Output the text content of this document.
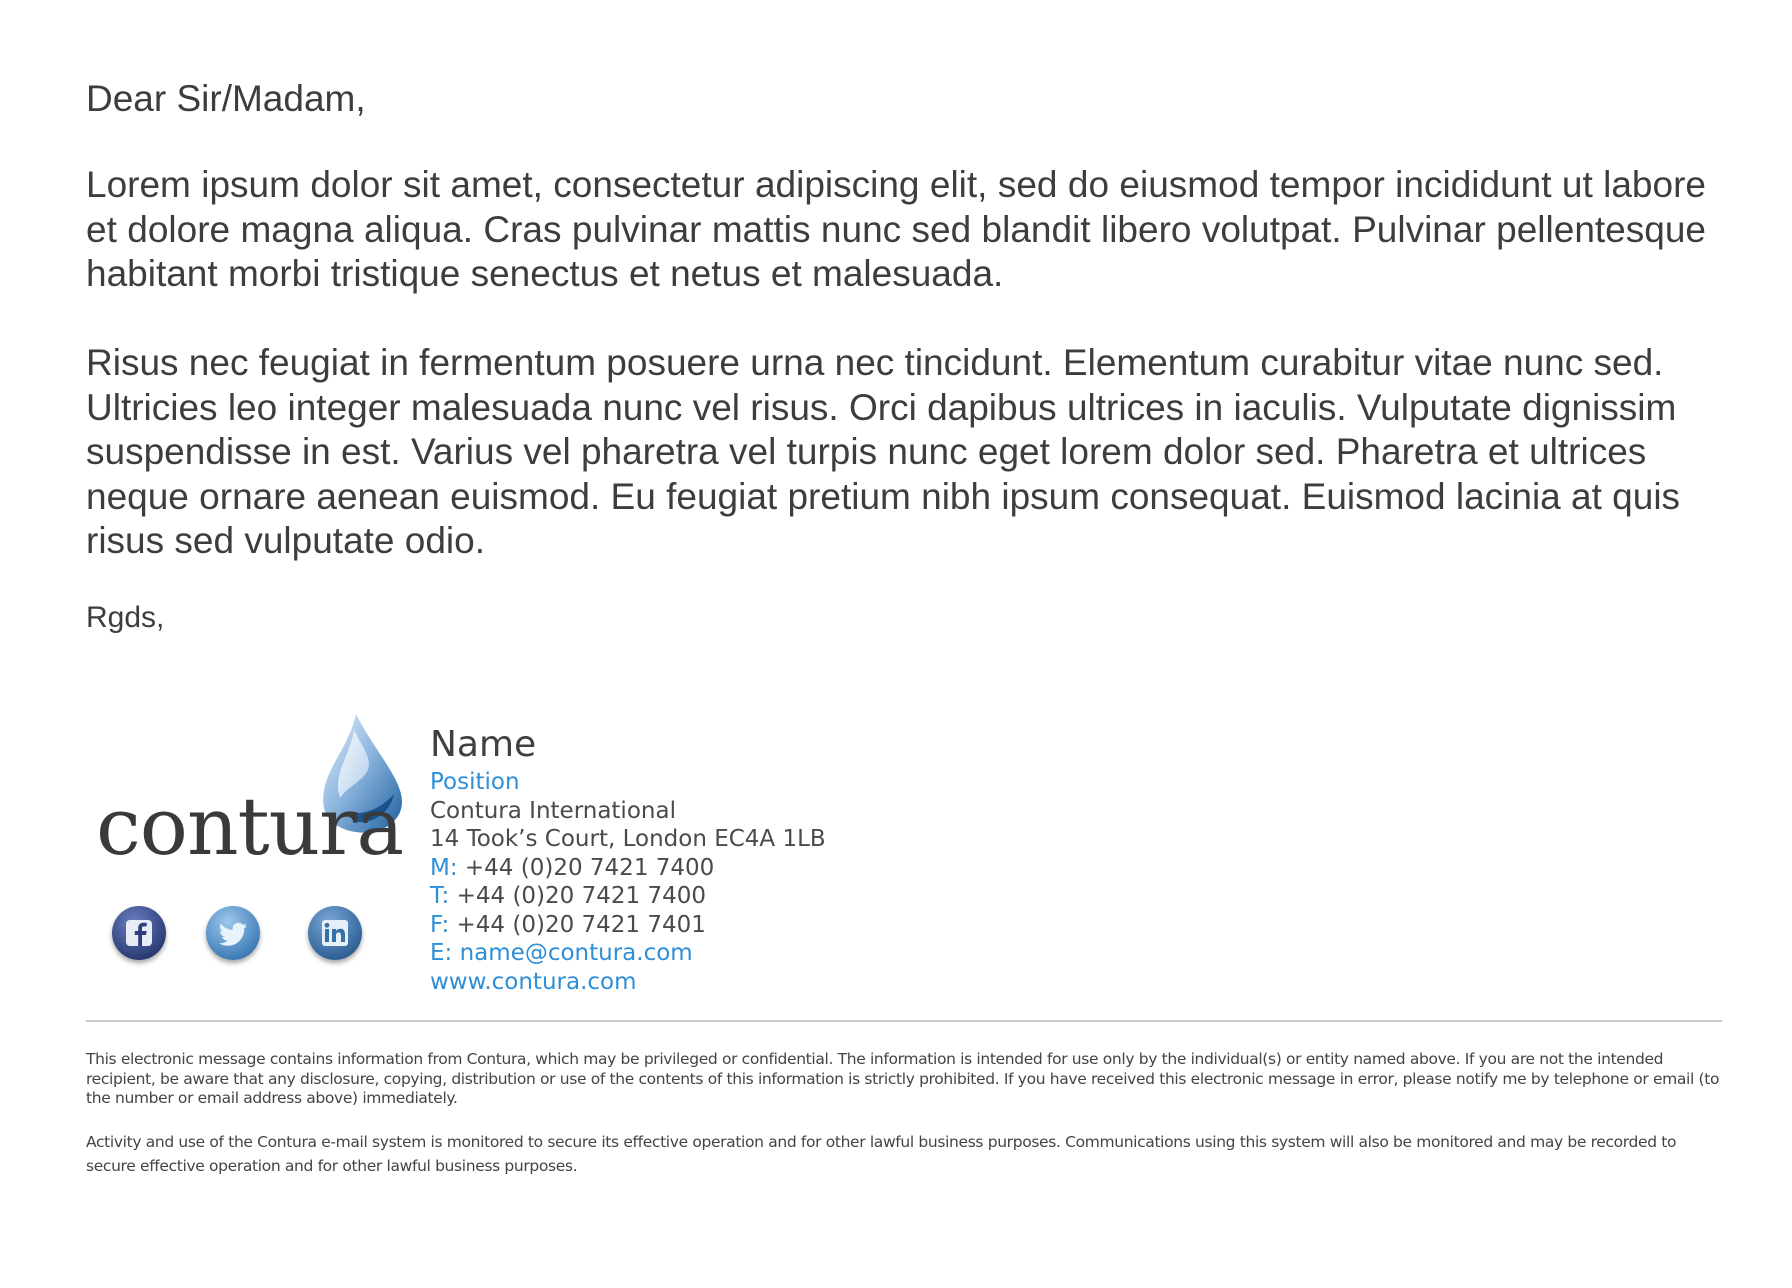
Dear Sir/Madam,
Lorem ipsum dolor sit amet, consectetur adipiscing elit, sed do eiusmod tempor incididunt ut labore et dolore magna aliqua. Cras pulvinar mattis nunc sed blandit libero volutpat. Pulvinar pellentesque habitant morbi tristique senectus et netus et malesuada.
Risus nec feugiat in fermentum posuere urna nec tincidunt. Elementum curabitur vitae nunc sed. Ultricies leo integer malesuada nunc vel risus. Orci dapibus ultrices in iaculis. Vulputate dignissim suspendisse in est. Varius vel pharetra vel turpis nunc eget lorem dolor sed. Pharetra et ultrices neque ornare aenean euismod. Eu feugiat pretium nibh ipsum consequat. Euismod lacinia at quis risus sed vulputate odio.
Rgds,
contura
Name
Position
Contura International
14 Took’s Court, London EC4A 1LB
M: +44 (0)20 7421 7400
T: +44 (0)20 7421 7400
F: +44 (0)20 7421 7401
E: name@contura.com
www.contura.com
This electronic message contains information from Contura, which may be privileged or confidential. The information is intended for use only by the individual(s) or entity named above. If you are not the intended recipient, be aware that any disclosure, copying, distribution or use of the contents of this information is strictly prohibited. If you have received this electronic message in error, please notify me by telephone or email (to the number or email address above) immediately.
Activity and use of the Contura e-mail system is monitored to secure its effective operation and for other lawful business purposes. Communications using this system will also be monitored and may be recorded to secure effective operation and for other lawful business purposes.
